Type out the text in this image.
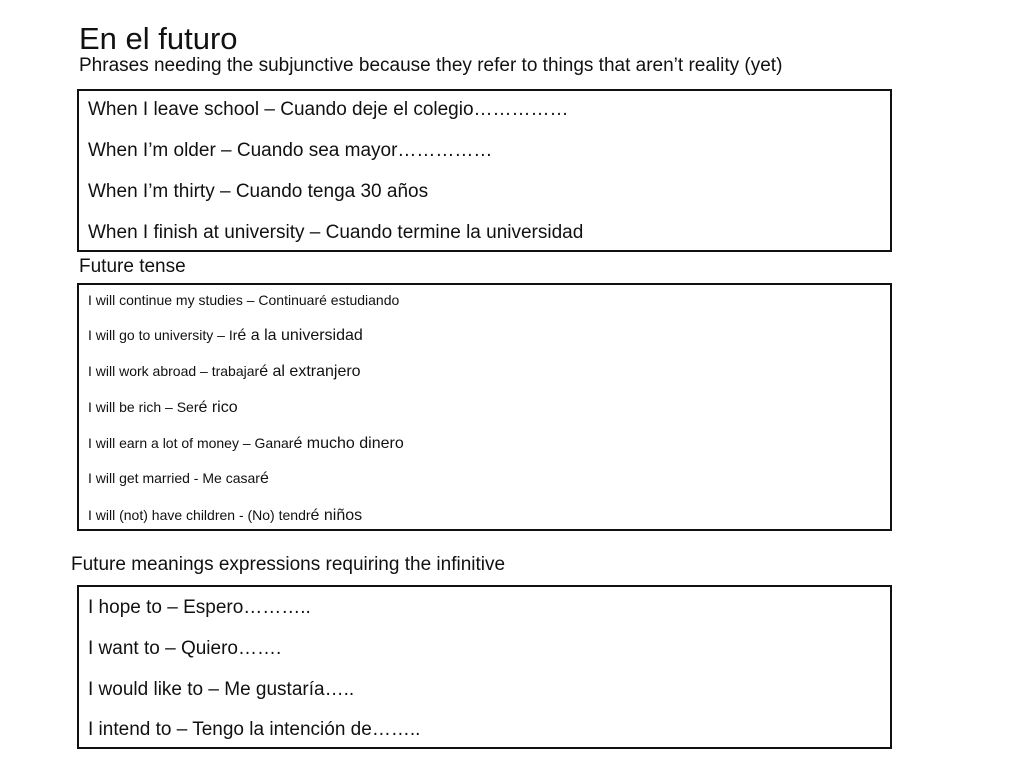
En el futuro
Phrases needing the subjunctive because they refer to things that aren’t reality (yet)
When I leave school – Cuando deje el colegio……………
When I’m older – Cuando sea mayor……………
When I’m thirty – Cuando tenga 30 años
When I finish at university – Cuando termine la universidad
Future tense
I will continue my studies – Continuaré estudiando
I will go to university – Iré a la universidad
I will work abroad – trabajaré al extranjero
I will be rich – Seré rico
I will earn a lot of money – Ganaré mucho dinero
I will get married - Me casaré
I will (not) have children - (No) tendré niños
Future meanings expressions requiring the infinitive
I hope to – Espero………..
I want to – Quiero…….
I would like to – Me gustaría…..
I intend to – Tengo la intención de……..
